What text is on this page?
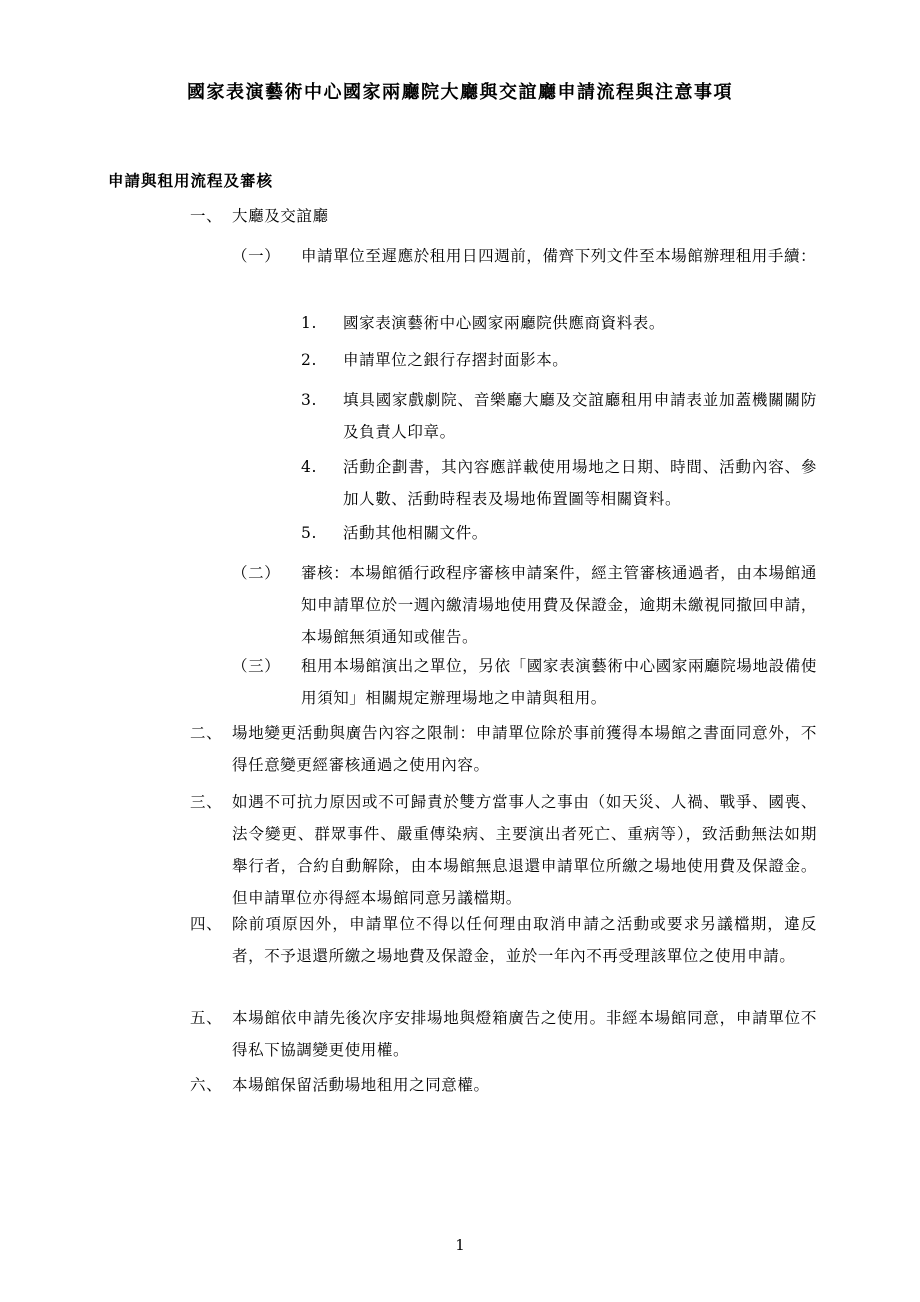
國家表演藝術中心國家兩廳院大廳與交誼廳申請流程與注意事項
申請與租用流程及審核
一、 大廳及交誼廳
（一） 申請單位至遲應於租用日四週前，備齊下列文件至本場館辦理租用手續：
1. 國家表演藝術中心國家兩廳院供應商資料表。
2. 申請單位之銀行存摺封面影本。
3. 填具國家戲劇院、音樂廳大廳及交誼廳租用申請表並加蓋機關關防及負責人印章。
4. 活動企劃書，其內容應詳載使用場地之日期、時間、活動內容、參加人數、活動時程表及場地佈置圖等相關資料。
5. 活動其他相關文件。
（二） 審核：本場館循行政程序審核申請案件，經主管審核通過者，由本場館通知申請單位於一週內繳清場地使用費及保證金，逾期未繳視同撤回申請，本場館無須通知或催告。
（三） 租用本場館演出之單位，另依「國家表演藝術中心國家兩廳院場地設備使用須知」相關規定辦理場地之申請與租用。
二、 場地變更活動與廣告內容之限制：申請單位除於事前獲得本場館之書面同意外，不得任意變更經審核通過之使用內容。
三、 如遇不可抗力原因或不可歸責於雙方當事人之事由（如天災、人禍、戰爭、國喪、法令變更、群眾事件、嚴重傳染病、主要演出者死亡、重病等），致活動無法如期舉行者，合約自動解除，由本場館無息退還申請單位所繳之場地使用費及保證金。但申請單位亦得經本場館同意另議檔期。
四、 除前項原因外，申請單位不得以任何理由取消申請之活動或要求另議檔期，違反者，不予退還所繳之場地費及保證金，並於一年內不再受理該單位之使用申請。
五、 本場館依申請先後次序安排場地與燈箱廣告之使用。非經本場館同意，申請單位不得私下協調變更使用權。
六、 本場館保留活動場地租用之同意權。
1
